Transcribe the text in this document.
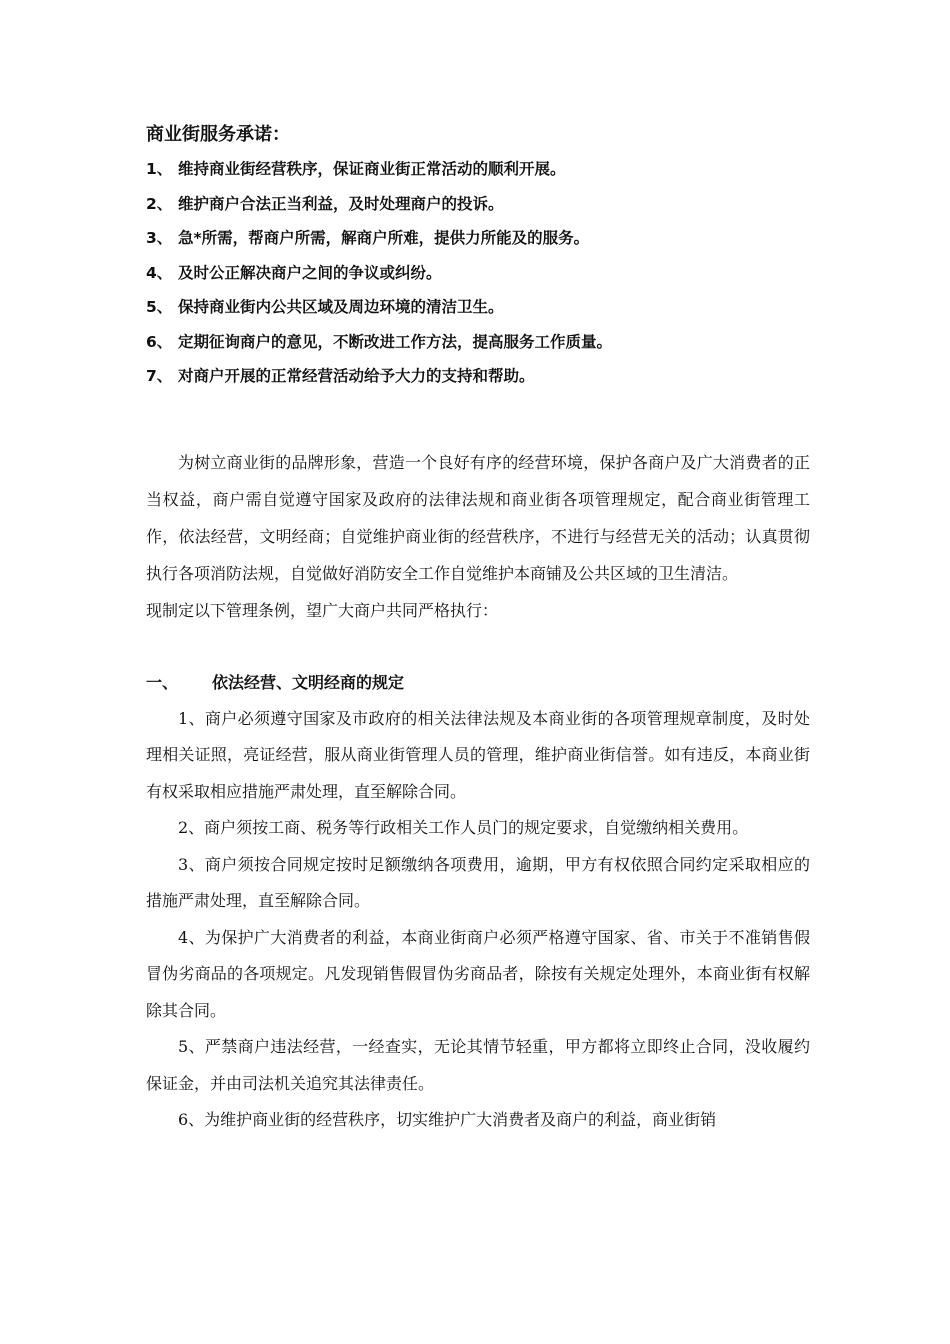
商业街服务承诺：
1、 维持商业街经营秩序，保证商业街正常活动的顺利开展。
2、 维护商户合法正当利益，及时处理商户的投诉。
3、 急*所需，帮商户所需，解商户所难，提供力所能及的服务。
4、 及时公正解决商户之间的争议或纠纷。
5、 保持商业街内公共区域及周边环境的清洁卫生。
6、 定期征询商户的意见，不断改进工作方法，提高服务工作质量。
7、 对商户开展的正常经营活动给予大力的支持和帮助。

为树立商业街的品牌形象，营造一个良好有序的经营环境，保护各商户及广大消费者的正当权益，商户需自觉遵守国家及政府的法律法规和商业街各项管理规定，配合商业街管理工作，依法经营，文明经商；自觉维护商业街的经营秩序，不进行与经营无关的活动；认真贯彻执行各项消防法规，自觉做好消防安全工作自觉维护本商铺及公共区域的卫生清洁。

现制定以下管理条例，望广大商户共同严格执行：

一、 依法经营、文明经商的规定

1、商户必须遵守国家及市政府的相关法律法规及本商业街的各项管理规章制度，及时处理相关证照，亮证经营，服从商业街管理人员的管理，维护商业街信誉。如有违反，本商业街有权采取相应措施严肃处理，直至解除合同。

2、商户须按工商、税务等行政相关工作人员门的规定要求，自觉缴纳相关费用。

3、商户须按合同规定按时足额缴纳各项费用，逾期，甲方有权依照合同约定采取相应的措施严肃处理，直至解除合同。

4、为保护广大消费者的利益，本商业街商户必须严格遵守国家、省、市关于不准销售假冒伪劣商品的各项规定。凡发现销售假冒伪劣商品者，除按有关规定处理外，本商业街有权解除其合同。

5、严禁商户违法经营，一经查实，无论其情节轻重，甲方都将立即终止合同，没收履约保证金，并由司法机关追究其法律责任。

6、为维护商业街的经营秩序，切实维护广大消费者及商户的利益，商业街销
